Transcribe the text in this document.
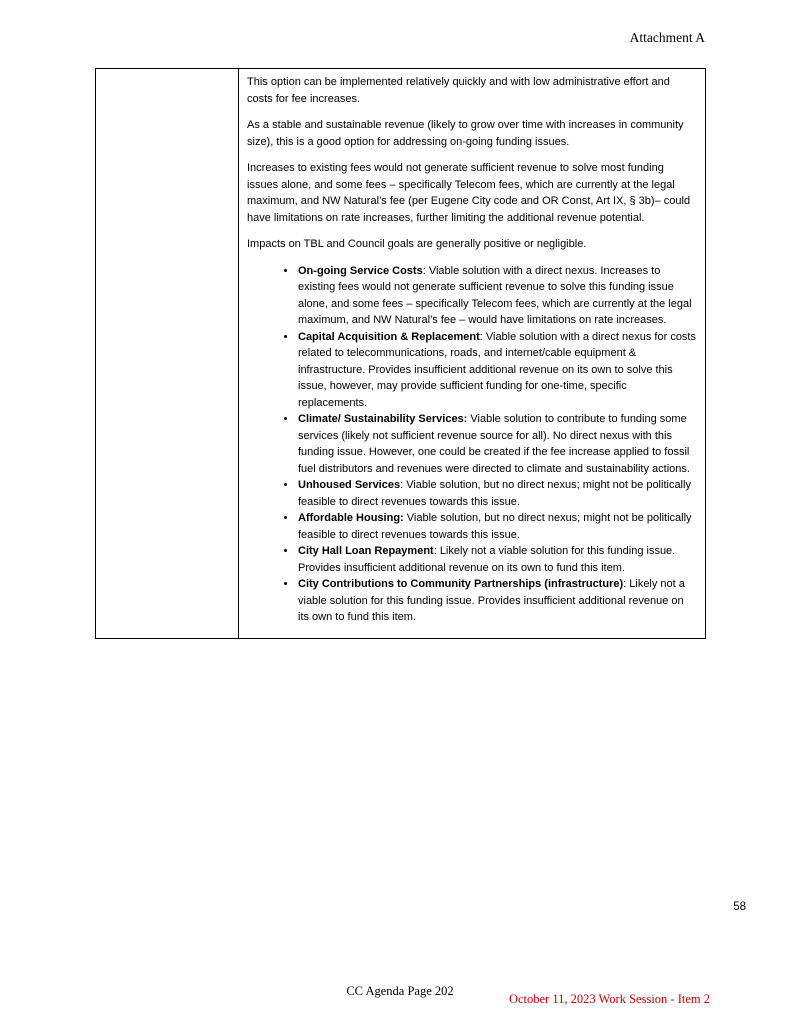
Attachment A

This option can be implemented relatively quickly and with low administrative effort and costs for fee increases.

As a stable and sustainable revenue (likely to grow over time with increases in community size), this is a good option for addressing on-going funding issues.

Increases to existing fees would not generate sufficient revenue to solve most funding issues alone, and some fees – specifically Telecom fees, which are currently at the legal maximum, and NW Natural’s fee (per Eugene City code and OR Const, Art IX, § 3b)– could have limitations on rate increases, further limiting the additional revenue potential.

Impacts on TBL and Council goals are generally positive or negligible.

• On-going Service Costs: Viable solution with a direct nexus. Increases to existing fees would not generate sufficient revenue to solve this funding issue alone, and some fees – specifically Telecom fees, which are currently at the legal maximum, and NW Natural’s fee – would have limitations on rate increases.
• Capital Acquisition & Replacement: Viable solution with a direct nexus for costs related to telecommunications, roads, and internet/cable equipment & infrastructure. Provides insufficient additional revenue on its own to solve this issue, however, may provide sufficient funding for one-time, specific replacements.
• Climate/ Sustainability Services: Viable solution to contribute to funding some services (likely not sufficient revenue source for all). No direct nexus with this funding issue. However, one could be created if the fee increase applied to fossil fuel distributors and revenues were directed to climate and sustainability actions.
• Unhoused Services: Viable solution, but no direct nexus; might not be politically feasible to direct revenues towards this issue.
• Affordable Housing: Viable solution, but no direct nexus; might not be politically feasible to direct revenues towards this issue.
• City Hall Loan Repayment: Likely not a viable solution for this funding issue. Provides insufficient additional revenue on its own to fund this item.
• City Contributions to Community Partnerships (infrastructure): Likely not a viable solution for this funding issue. Provides insufficient additional revenue on its own to fund this item.
58
CC Agenda Page 202
October 11, 2023 Work Session - Item 2
